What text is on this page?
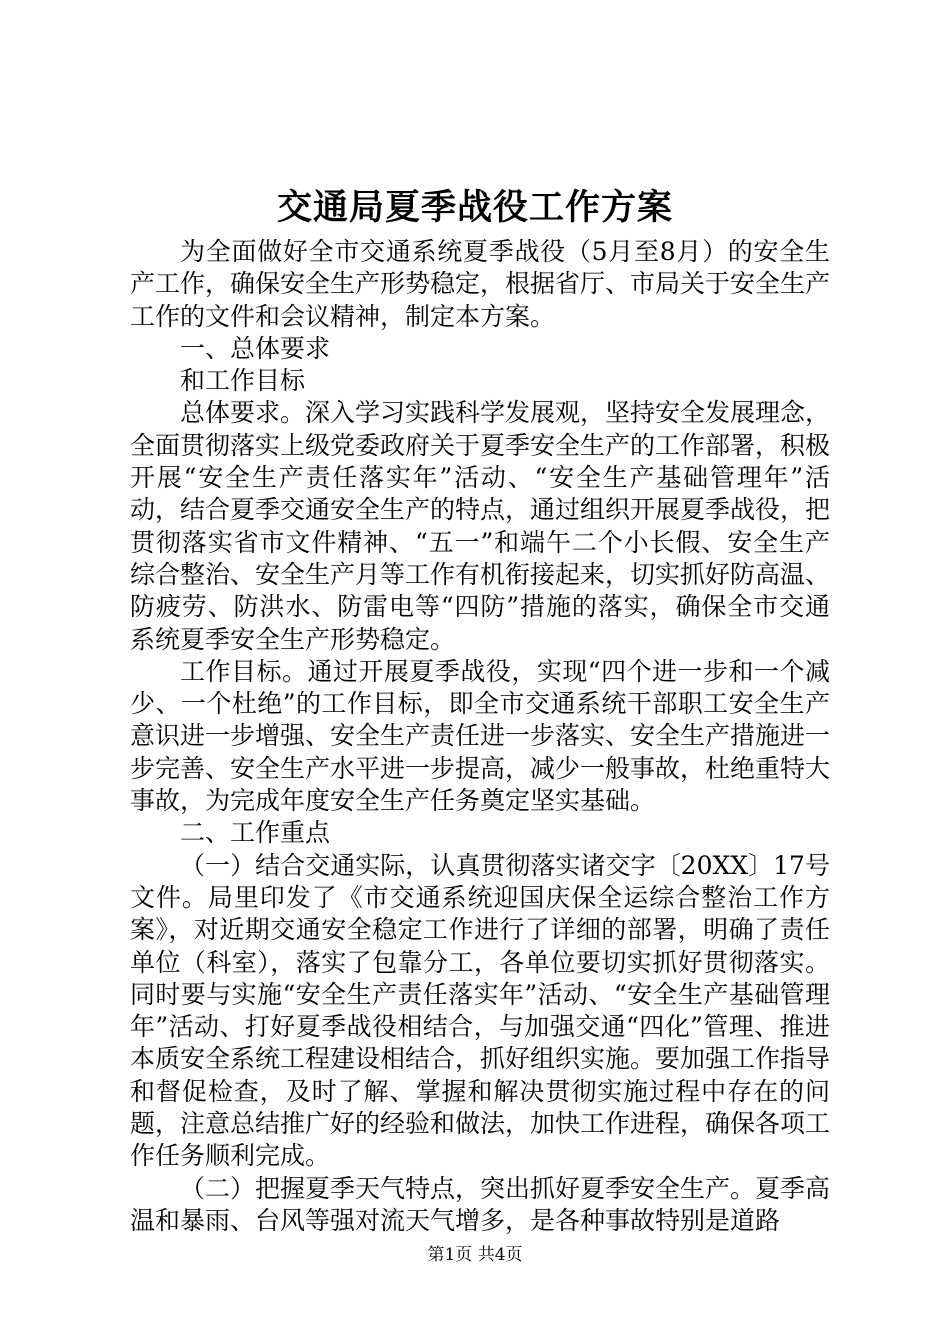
交通局夏季战役工作方案

为全面做好全市交通系统夏季战役（5月至8月）的安全生产工作，确保安全生产形势稳定，根据省厅、市局关于安全生产工作的文件和会议精神，制定本方案。

一、总体要求

和工作目标

总体要求。深入学习实践科学发展观，坚持安全发展理念，全面贯彻落实上级党委政府关于夏季安全生产的工作部署，积极开展“安全生产责任落实年”活动、“安全生产基础管理年”活动，结合夏季交通安全生产的特点，通过组织开展夏季战役，把贯彻落实省市文件精神、“五一”和端午二个小长假、安全生产综合整治、安全生产月等工作有机衔接起来，切实抓好防高温、防疲劳、防洪水、防雷电等“四防”措施的落实，确保全市交通系统夏季安全生产形势稳定。

工作目标。通过开展夏季战役，实现“四个进一步和一个减少、一个杜绝”的工作目标，即全市交通系统干部职工安全生产意识进一步增强、安全生产责任进一步落实、安全生产措施进一步完善、安全生产水平进一步提高，减少一般事故，杜绝重特大事故，为完成年度安全生产任务奠定坚实基础。

二、工作重点

（一）结合交通实际，认真贯彻落实诸交字〔20XX〕17号文件。局里印发了《市交通系统迎国庆保全运综合整治工作方案》，对近期交通安全稳定工作进行了详细的部署，明确了责任单位（科室），落实了包靠分工，各单位要切实抓好贯彻落实。同时要与实施“安全生产责任落实年”活动、“安全生产基础管理年”活动、打好夏季战役相结合，与加强交通“四化”管理、推进本质安全系统工程建设相结合，抓好组织实施。要加强工作指导和督促检查，及时了解、掌握和解决贯彻实施过程中存在的问题，注意总结推广好的经验和做法，加快工作进程，确保各项工作任务顺利完成。

（二）把握夏季天气特点，突出抓好夏季安全生产。夏季高温和暴雨、台风等强对流天气增多，是各种事故特别是道路

第1页 共4页
